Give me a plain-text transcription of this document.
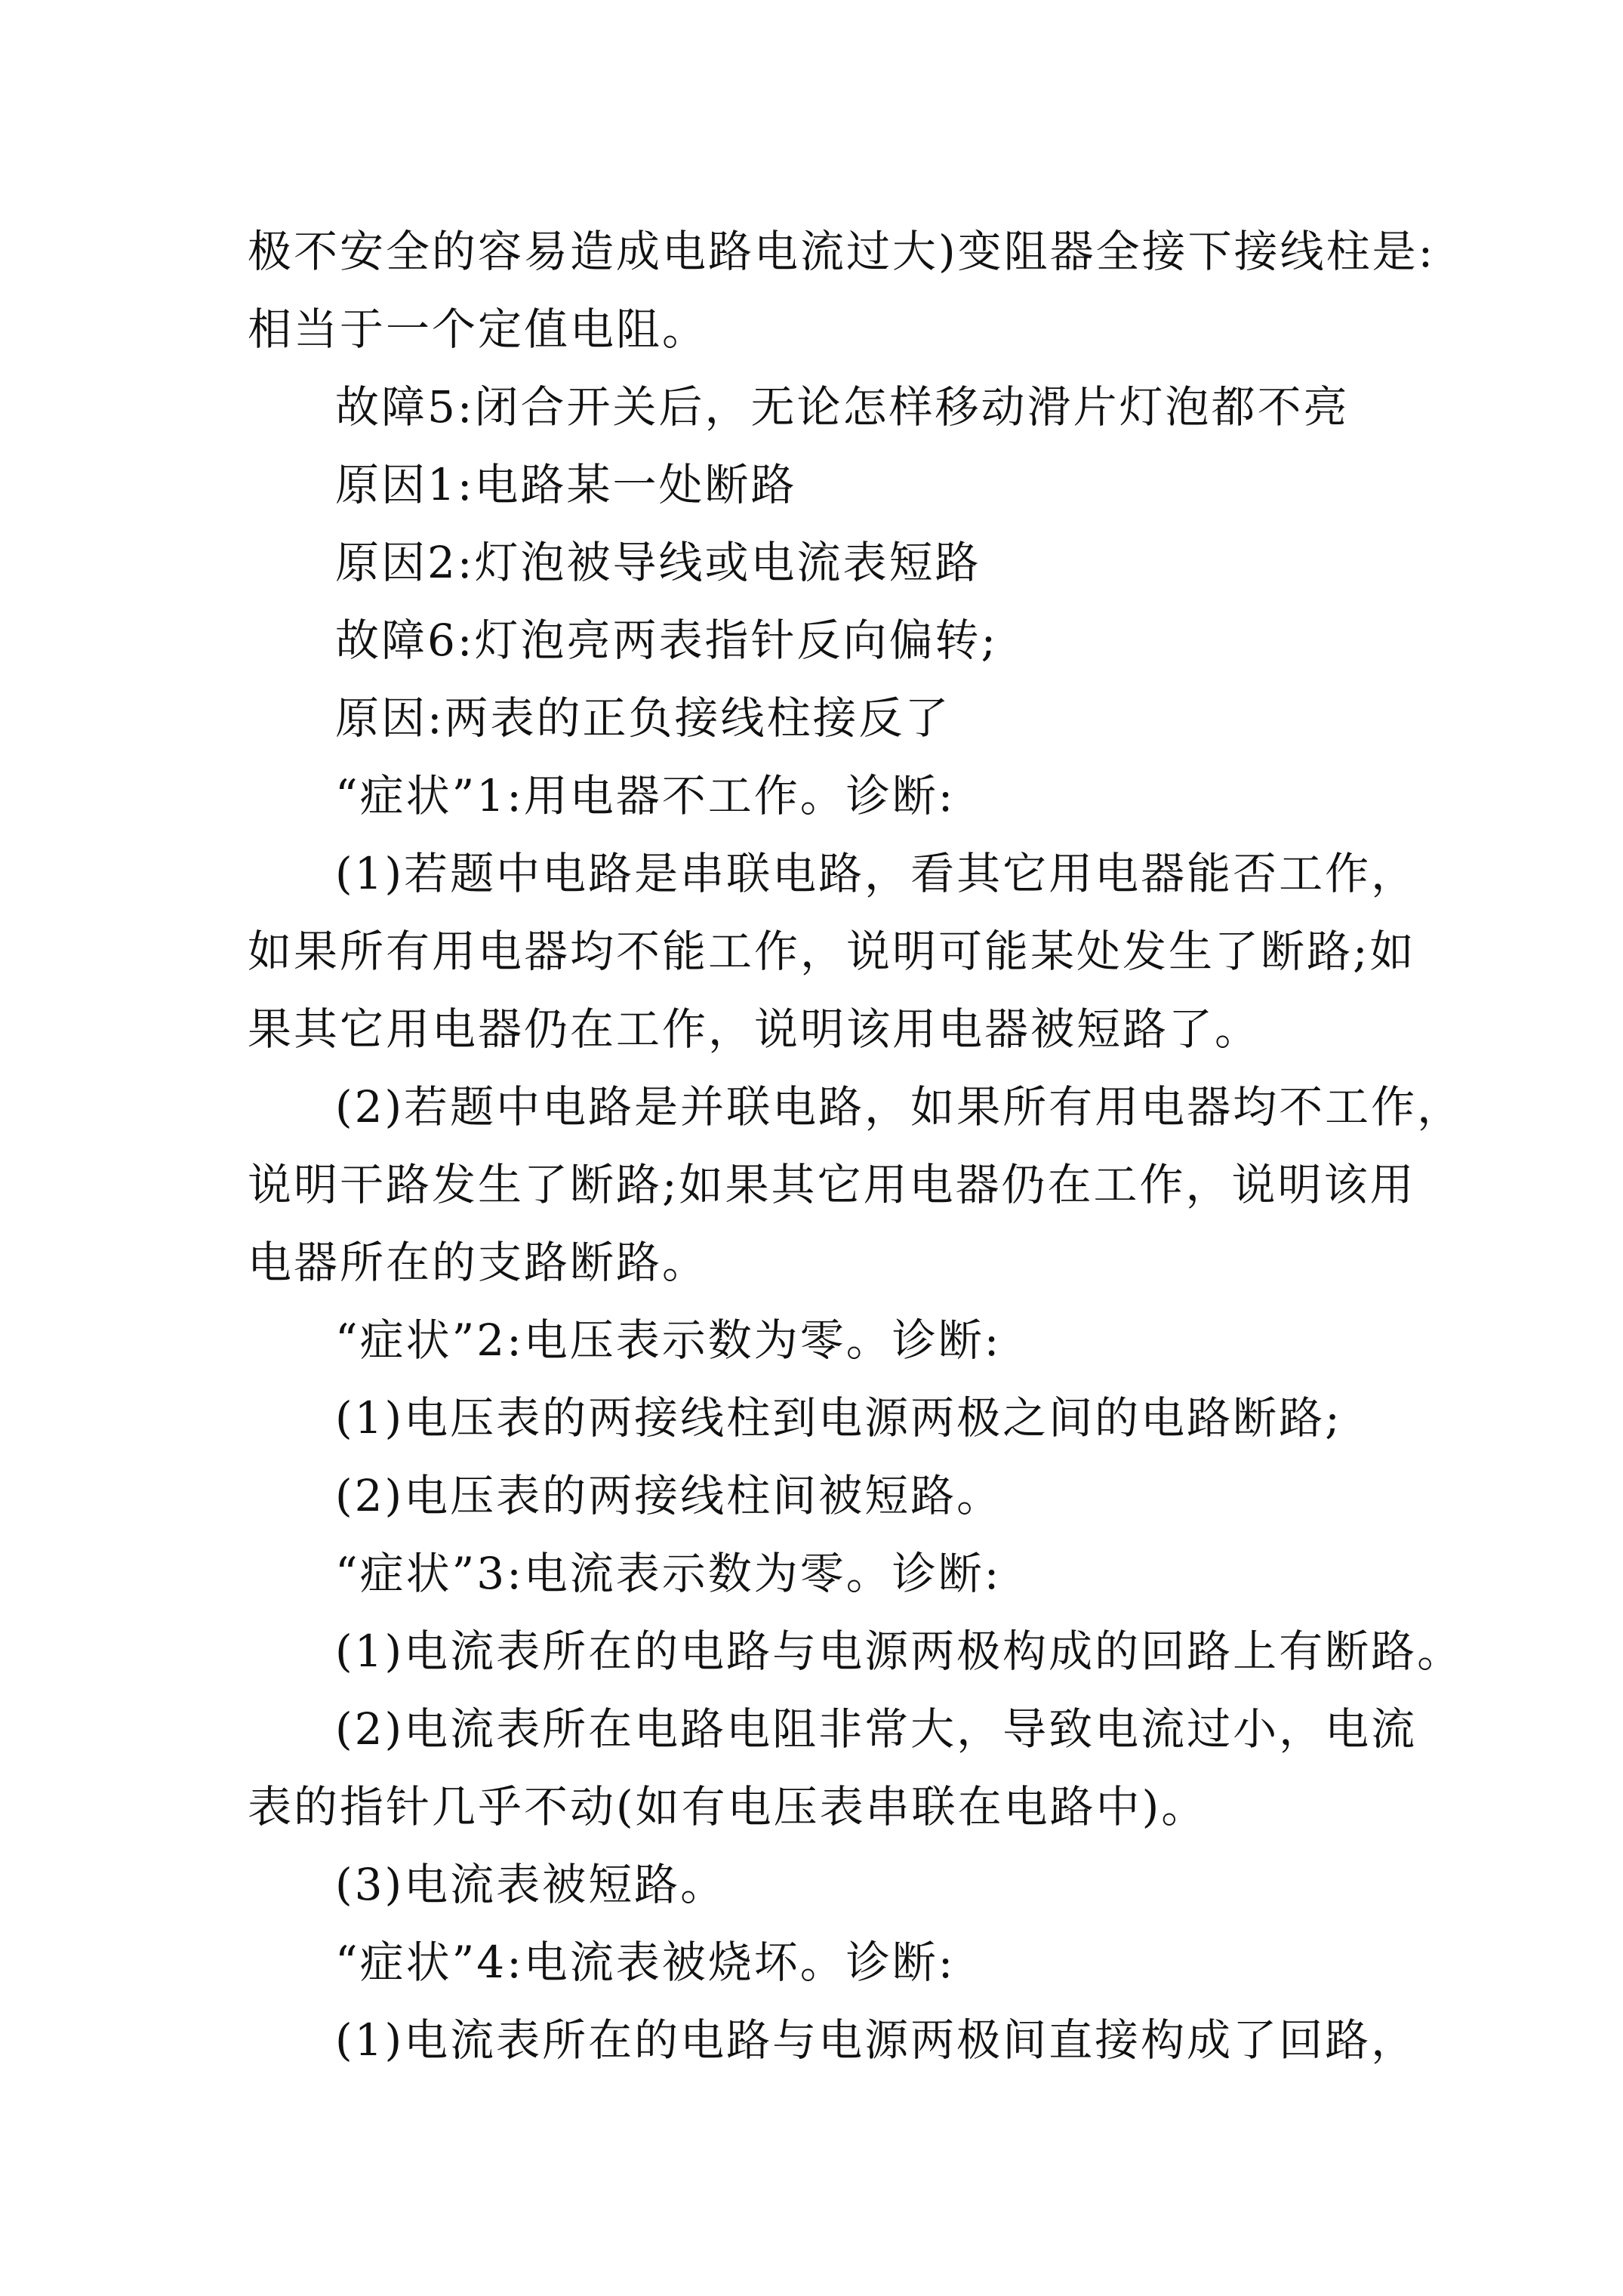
极不安全的容易造成电路电流过大)变阻器全接下接线柱是:
相当于一个定值电阻。
故障5:闭合开关后，无论怎样移动滑片灯泡都不亮
原因1:电路某一处断路
原因2:灯泡被导线或电流表短路
故障6:灯泡亮两表指针反向偏转;
原因:两表的正负接线柱接反了
“症状”1:用电器不工作。诊断:
(1)若题中电路是串联电路，看其它用电器能否工作，
如果所有用电器均不能工作，说明可能某处发生了断路;如
果其它用电器仍在工作，说明该用电器被短路了。
(2)若题中电路是并联电路，如果所有用电器均不工作，
说明干路发生了断路;如果其它用电器仍在工作，说明该用
电器所在的支路断路。
“症状”2:电压表示数为零。诊断:
(1)电压表的两接线柱到电源两极之间的电路断路;
(2)电压表的两接线柱间被短路。
“症状”3:电流表示数为零。诊断:
(1)电流表所在的电路与电源两极构成的回路上有断路。
(2)电流表所在电路电阻非常大，导致电流过小，电流
表的指针几乎不动(如有电压表串联在电路中)。
(3)电流表被短路。
“症状”4:电流表被烧坏。诊断:
(1)电流表所在的电路与电源两极间直接构成了回路，
